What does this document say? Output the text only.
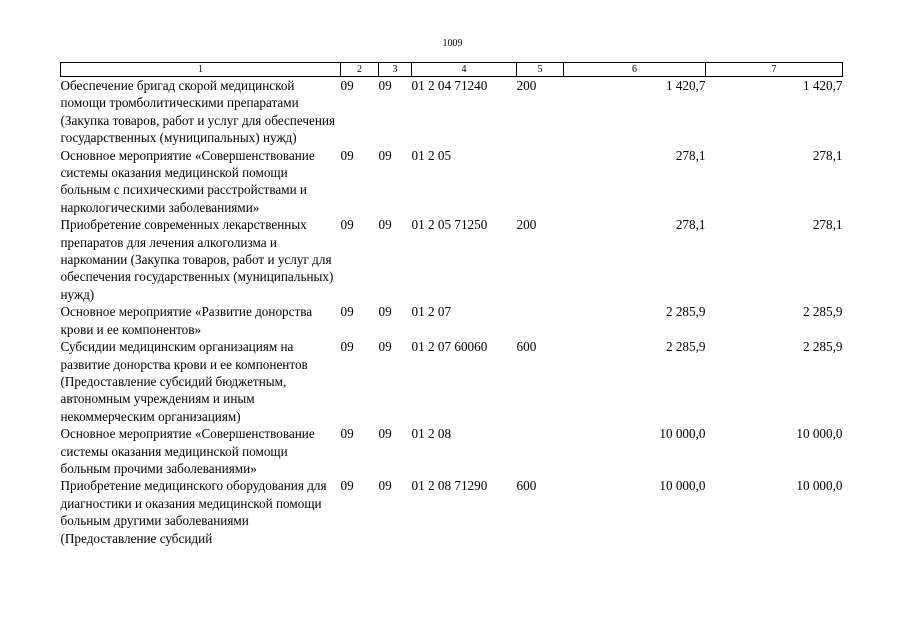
1009
1	2	3	4	5	6	7
Обеспечение бригад скорой медицинской помощи тромболитическими препаратами (Закупка товаров, работ и услуг для обеспечения государственных (муниципальных) нужд)	09	09	01 2 04 71240	200	1 420,7	1 420,7
Основное мероприятие «Совершенствование системы оказания медицинской помощи больным с психическими расстройствами и наркологическими заболеваниями»	09	09	01 2 05		278,1	278,1
Приобретение современных лекарственных препаратов для лечения алкоголизма и наркомании (Закупка товаров, работ и услуг для обеспечения государственных (муниципальных) нужд)	09	09	01 2 05 71250	200	278,1	278,1
Основное мероприятие «Развитие донорства крови и ее компонентов»	09	09	01 2 07		2 285,9	2 285,9
Субсидии медицинским организациям на развитие донорства крови и ее компонентов (Предоставление субсидий бюджетным, автономным учреждениям и иным некоммерческим организациям)	09	09	01 2 07 60060	600	2 285,9	2 285,9
Основное мероприятие «Совершенствование системы оказания медицинской помощи больным прочими заболеваниями»	09	09	01 2 08		10 000,0	10 000,0
Приобретение медицинского оборудования для диагностики и оказания медицинской помощи больным другими заболеваниями (Предоставление субсидий	09	09	01 2 08 71290	600	10 000,0	10 000,0
